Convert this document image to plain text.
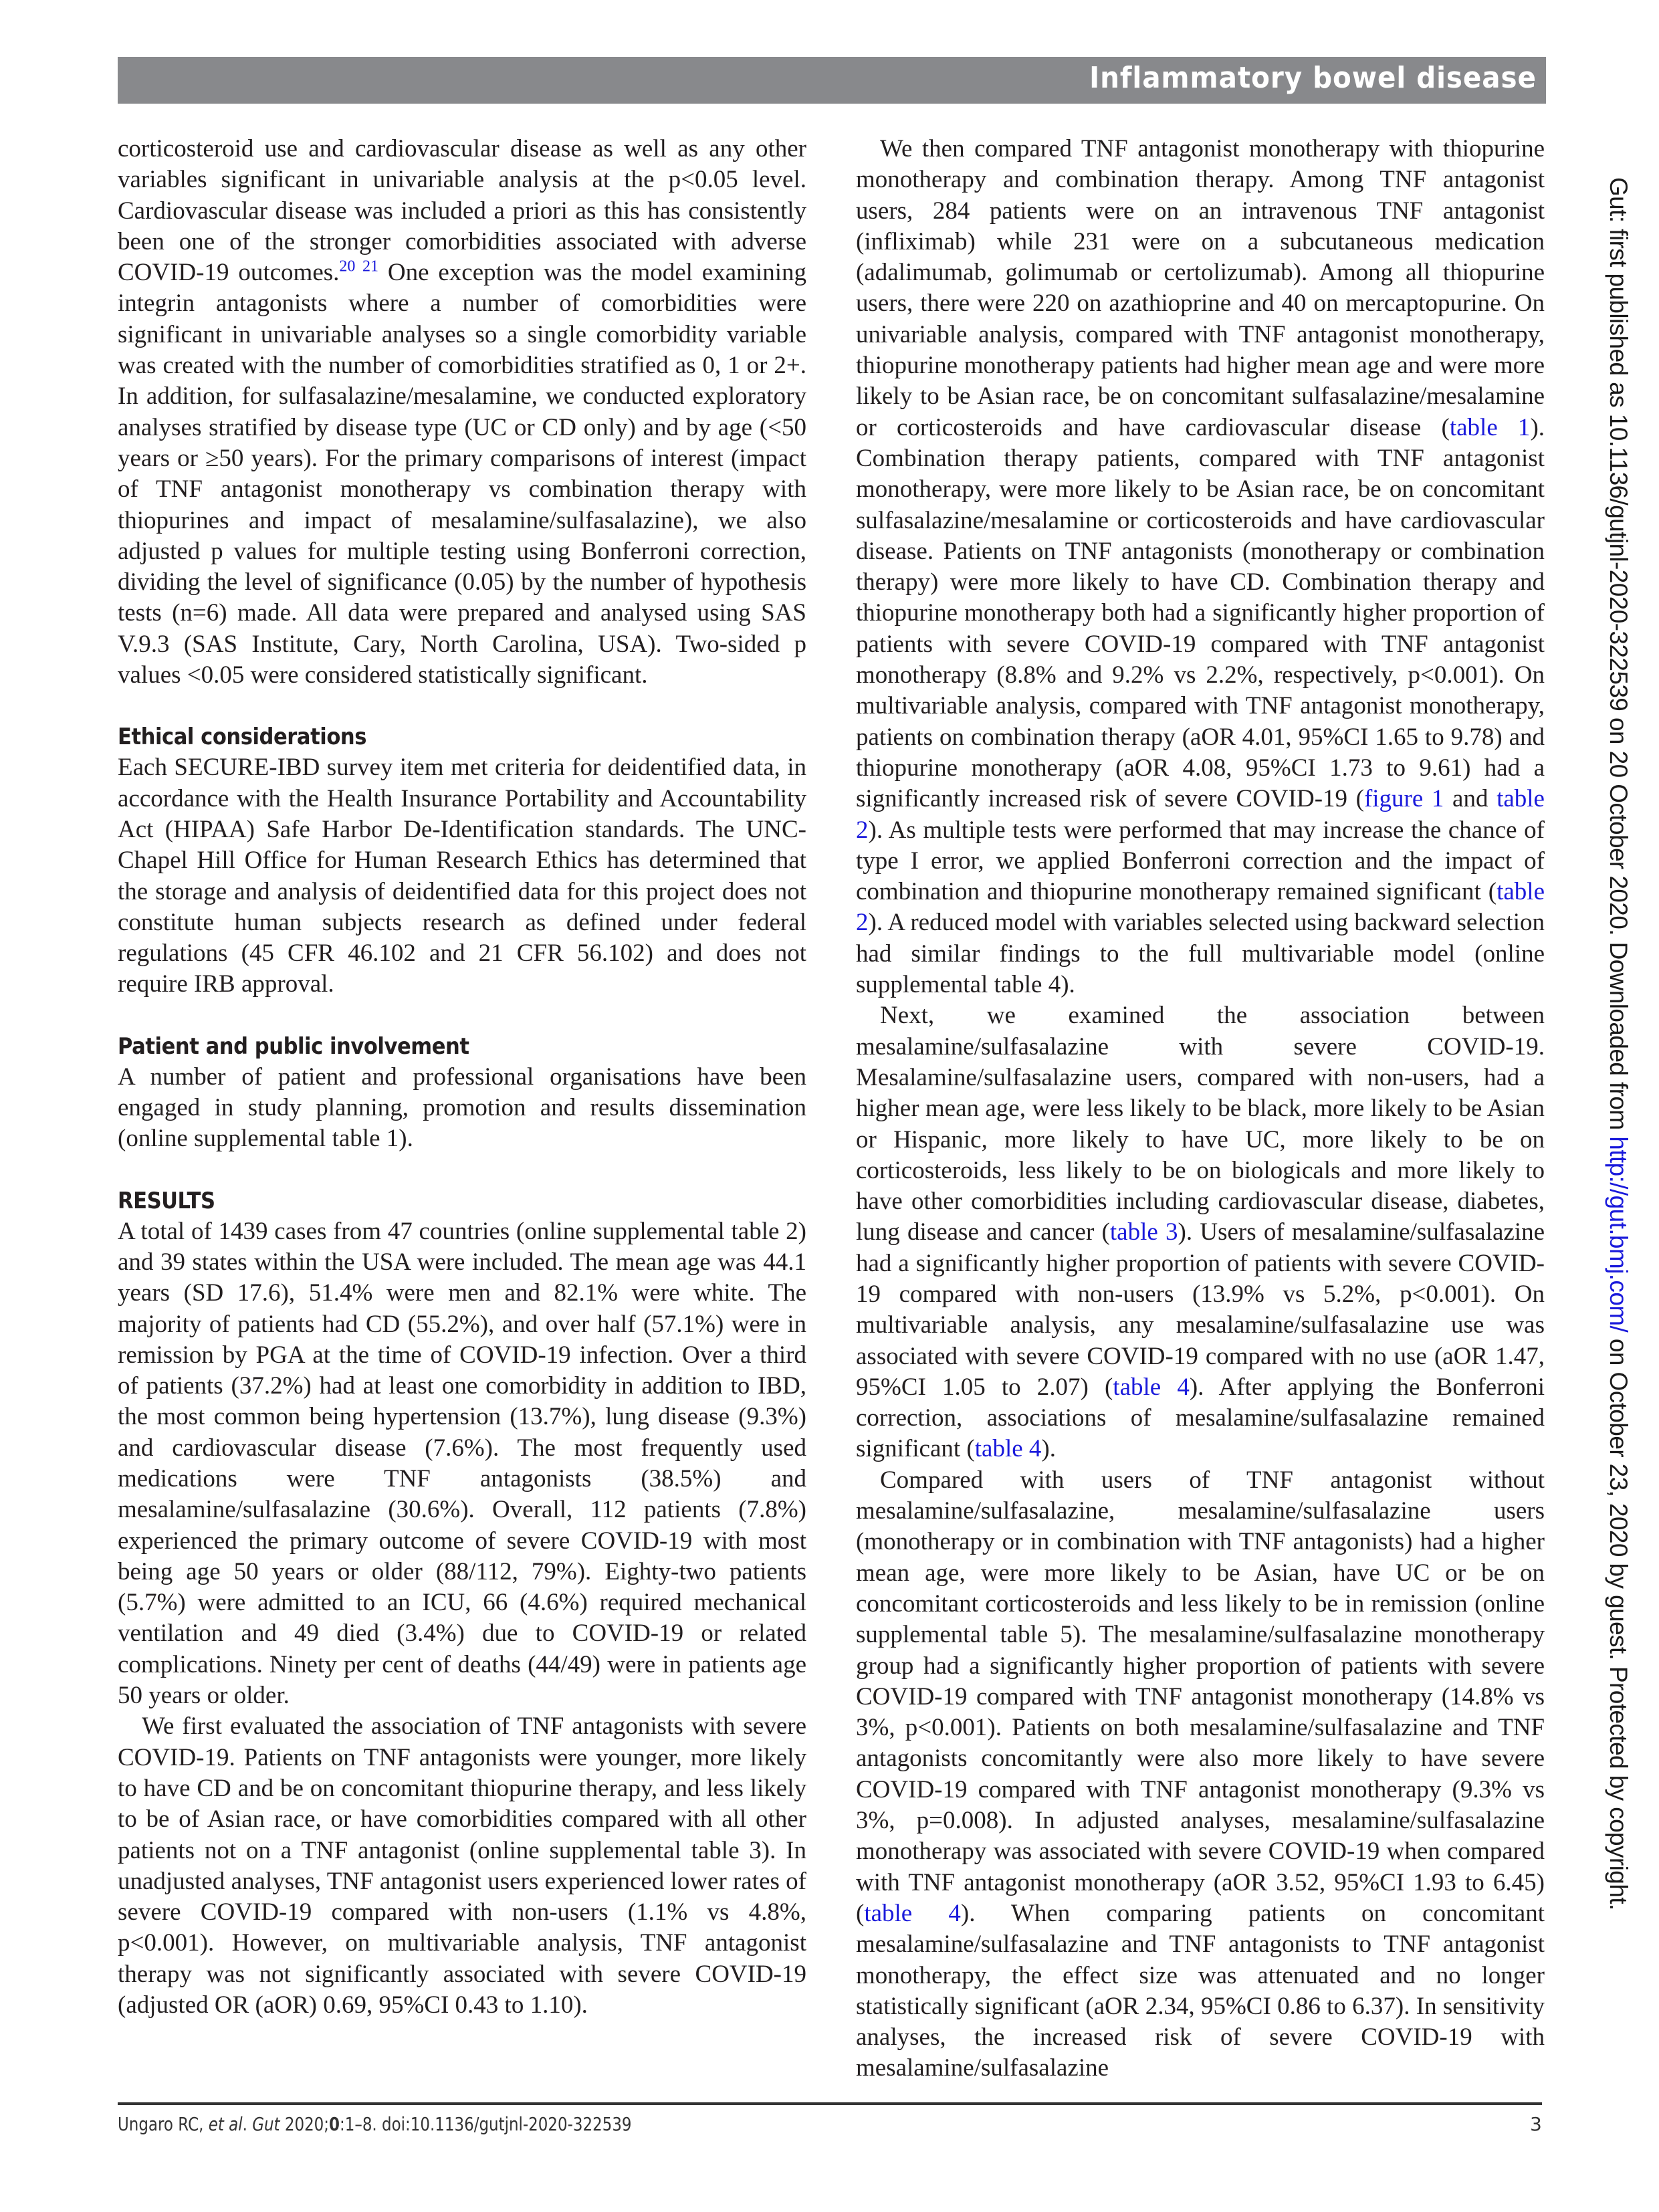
Inflammatory bowel disease

corticosteroid use and cardiovascular disease as well as any other variables significant in univariable analysis at the p<0.05 level. Cardiovascular disease was included a priori as this has consistently been one of the stronger comorbidities associated with adverse COVID-19 outcomes.$^{20 21}$ One exception was the model examining integrin antagonists where a number of comorbidities were significant in univariable analyses so a single comorbidity variable was created with the number of comorbidities stratified as 0, 1 or 2+. In addition, for sulfasalazine/mesalamine, we conducted exploratory analyses stratified by disease type (UC or CD only) and by age (<50 years or ≥50 years). For the primary comparisons of interest (impact of TNF antagonist monotherapy vs combination therapy with thiopurines and impact of mesalamine/sulfasalazine), we also adjusted p values for multiple testing using Bonferroni correction, dividing the level of significance (0.05) by the number of hypothesis tests (n=6) made. All data were prepared and analysed using SAS V.9.3 (SAS Institute, Cary, North Carolina, USA). Two-sided p values <0.05 were considered statistically significant.

Ethical considerations

Each SECURE-IBD survey item met criteria for deidentified data, in accordance with the Health Insurance Portability and Accountability Act (HIPAA) Safe Harbor De-Identification standards. The UNC-Chapel Hill Office for Human Research Ethics has determined that the storage and analysis of deidentified data for this project does not constitute human subjects research as defined under federal regulations (45 CFR 46.102 and 21 CFR 56.102) and does not require IRB approval.

Patient and public involvement

A number of patient and professional organisations have been engaged in study planning, promotion and results dissemination (online supplemental table 1).

RESULTS

A total of 1439 cases from 47 countries (online supplemental table 2) and 39 states within the USA were included. The mean age was 44.1 years (SD 17.6), 51.4% were men and 82.1% were white. The majority of patients had CD (55.2%), and over half (57.1%) were in remission by PGA at the time of COVID-19 infection. Over a third of patients (37.2%) had at least one comorbidity in addition to IBD, the most common being hypertension (13.7%), lung disease (9.3%) and cardiovascular disease (7.6%). The most frequently used medications were TNF antagonists (38.5%) and mesalamine/sulfasalazine (30.6%). Overall, 112 patients (7.8%) experienced the primary outcome of severe COVID-19 with most being age 50 years or older (88/112, 79%). Eighty-two patients (5.7%) were admitted to an ICU, 66 (4.6%) required mechanical ventilation and 49 died (3.4%) due to COVID-19 or related complications. Ninety per cent of deaths (44/49) were in patients age 50 years or older.

We first evaluated the association of TNF antagonists with severe COVID-19. Patients on TNF antagonists were younger, more likely to have CD and be on concomitant thiopurine therapy, and less likely to be of Asian race, or have comorbidities compared with all other patients not on a TNF antagonist (online supplemental table 3). In unadjusted analyses, TNF antagonist users experienced lower rates of severe COVID-19 compared with non-users (1.1% vs 4.8%, p<0.001). However, on multivariable analysis, TNF antagonist therapy was not significantly associated with severe COVID-19 (adjusted OR (aOR) 0.69, 95%CI 0.43 to 1.10).

We then compared TNF antagonist monotherapy with thiopurine monotherapy and combination therapy. Among TNF antagonist users, 284 patients were on an intravenous TNF antagonist (infliximab) while 231 were on a subcutaneous medication (adalimumab, golimumab or certolizumab). Among all thiopurine users, there were 220 on azathioprine and 40 on mercaptopurine. On univariable analysis, compared with TNF antagonist monotherapy, thiopurine monotherapy patients had higher mean age and were more likely to be Asian race, be on concomitant sulfasalazine/mesalamine or corticosteroids and have cardiovascular disease (table 1). Combination therapy patients, compared with TNF antagonist monotherapy, were more likely to be Asian race, be on concomitant sulfasalazine/mesalamine or corticosteroids and have cardiovascular disease. Patients on TNF antagonists (monotherapy or combination therapy) were more likely to have CD. Combination therapy and thiopurine monotherapy both had a significantly higher proportion of patients with severe COVID-19 compared with TNF antagonist monotherapy (8.8% and 9.2% vs 2.2%, respectively, p<0.001). On multivariable analysis, compared with TNF antagonist monotherapy, patients on combination therapy (aOR 4.01, 95%CI 1.65 to 9.78) and thiopurine monotherapy (aOR 4.08, 95%CI 1.73 to 9.61) had a significantly increased risk of severe COVID-19 (figure 1 and table 2). As multiple tests were performed that may increase the chance of type I error, we applied Bonferroni correction and the impact of combination and thiopurine monotherapy remained significant (table 2). A reduced model with variables selected using backward selection had similar findings to the full multivariable model (online supplemental table 4).

Next, we examined the association between mesalamine/sulfasalazine with severe COVID-19. Mesalamine/sulfasalazine users, compared with non-users, had a higher mean age, were less likely to be black, more likely to be Asian or Hispanic, more likely to have UC, more likely to be on corticosteroids, less likely to be on biologicals and more likely to have other comorbidities including cardiovascular disease, diabetes, lung disease and cancer (table 3). Users of mesalamine/sulfasalazine had a significantly higher proportion of patients with severe COVID-19 compared with non-users (13.9% vs 5.2%, p<0.001). On multivariable analysis, any mesalamine/sulfasalazine use was associated with severe COVID-19 compared with no use (aOR 1.47, 95%CI 1.05 to 2.07) (table 4). After applying the Bonferroni correction, associations of mesalamine/sulfasalazine remained significant (table 4).

Compared with users of TNF antagonist without mesalamine/sulfasalazine, mesalamine/sulfasalazine users (monotherapy or in combination with TNF antagonists) had a higher mean age, were more likely to be Asian, have UC or be on concomitant corticosteroids and less likely to be in remission (online supplemental table 5). The mesalamine/sulfasalazine monotherapy group had a significantly higher proportion of patients with severe COVID-19 compared with TNF antagonist monotherapy (14.8% vs 3%, p<0.001). Patients on both mesalamine/sulfasalazine and TNF antagonists concomitantly were also more likely to have severe COVID-19 compared with TNF antagonist monotherapy (9.3% vs 3%, p=0.008). In adjusted analyses, mesalamine/sulfasalazine monotherapy was associated with severe COVID-19 when compared with TNF antagonist monotherapy (aOR 3.52, 95%CI 1.93 to 6.45) (table 4). When comparing patients on concomitant mesalamine/sulfasalazine and TNF antagonists to TNF antagonist monotherapy, the effect size was attenuated and no longer statistically significant (aOR 2.34, 95%CI 0.86 to 6.37). In sensitivity analyses, the increased risk of severe COVID-19 with mesalamine/sulfasalazine

Ungaro RC, et al. Gut 2020;0:1–8. doi:10.1136/gutjnl-2020-322539	3
Gut: first published as 10.1136/gutjnl-2020-322539 on 20 October 2020. Downloaded from http://gut.bmj.com/ on October 23, 2020 by guest. Protected by copyright.
